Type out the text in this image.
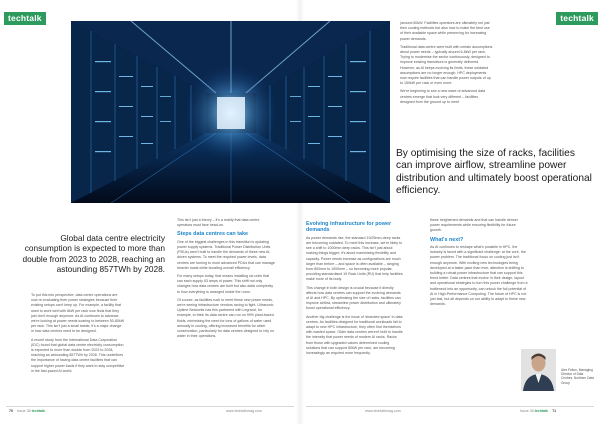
techtalk	techtalk

(around 60kW. Facilities operators are ultimately not just then cooling methods but also how to make the best use of their available space while preserving for increasing power demands.

Traditional data centre were built with certain assumptions about power needs – typically around 6-8kW per rack. Trying to modernise the sector continuously, designed to improve existing transistors is generally delivered. However, as AI keeps evolving its limits, these outdated assumptions are no longer enough. HPC deployments now require facilities that can handle power outputs of up to 150kW per rack or even more.

We're beginning to see a new wave of advanced data centres emerge that look very different – facilities designed from the ground up to meet

By optimising the size of racks, facilities can improve airflow, streamline power distribution and ultimately boost operational efficiency.
Global data centre electricity consumption is expected to more than double from 2023 to 2028, reaching an astounding 857TWh by 2028.

To put this into perspective, data centre operations are now re-evaluating their power strategies because their existing setups can't keep up. For example, a facility that used to work well with 8kW per rack now finds that they just don't enough anymore. As AI continues to advance, we're looking at power needs soaring to between 50-80kW per rack. This isn't just a small tweak; it's a major change in how data centres need to be designed.

A recent study from the International Data Corporation (IDC) found that global data centre electricity consumption is expected to more than double from 2023 to 2028, reaching an astounding 857TWh by 2028. This underlines the importance of having data centre facilities that can support higher power loads if they want to stay competitive in the fast-paced AI world.

This isn't just a theory – it's a reality that data centre operators must face head-on.

Steps data centres can take

One of the biggest challenges in this transition is updating power supply systems. Traditional Power Distribution Units (PDUs) aren't built to handle the demands of these new AI-driven systems. To meet the required power levels, data centres are turning to more advanced PDUs that can manage heavier loads while boosting overall efficiency.

For many setups today, that means installing six units that can each supply 63 amps of power. This shift not only changes how data centres are built but also adds complexity to how everything is arranged inside the room.

Of course, as facilities rush to meet these new power needs, we're seeing infrastructure vendors racing to fight. Ultrasonic Uptime Networks has this partnered with Legrand, for example, to think its data centre can run on 99% plant-based fluids, minimising the need for tons of gallons of water used annually in cooling, offering increased benefits for wider conservation, particularly for data centres designed to rely on water in their operations.

Evolving infrastructure for power demands

As power demands rise, the standard 19/25mm-deep racks are becoming outdated. To meet this increase, we're likely to see a shift to 1000mm deep racks. This isn't just about making things bigger; it's about maximising flexibility and capacity. Power needs increase as configurations are much larger than before – and space is often available – ranging from 800mm to 1000mm – so becoming more popular, providing standardised 19 Rack Units (RU) that help facilities make more of its body.

This change in both design is crucial because it directly affects how data centres can support the evolving demands of AI and HPC. By optimising the size of racks, facilities can improve airflow, streamline power distribution and ultimately boost operational efficiency.

Another big challenge is the issue of 'stranded space' in data centres. As facilities designed for traditional workloads fail to adapt to new HPC infrastructure, they often find themselves with wasted space. Older data centres weren't built to handle the intensity that power needs of modern AI racks. Racks from those with upgraded values determined cooling solutions that can support 80kW per rack, are becoming increasingly as required more frequently.

these heightened demands and that can handle denser power requirements while ensuring flexibility for future growth.

What's next?

As AI continues to reshape what's possible in HPC, the industry is faced with a significant challenge: at the core, the power problem. The traditional focus on cooling just isn't enough anymore. With exciting new technologies being developed at a faster pace than ever, attention is shifting to building a robust power infrastructure that can support this trend better. Data centres that evolve in their design, layout and operational strategies to turn this power challenge from a bottleneck into an opportunity, can unlock the full potential of AI in High-Performance Computing. The future of HPC is not just fast, but all depends on our ability to adapt to these new demands.

Alex Felton, Managing Director of Data Centres, Northern Data Group
70 Issue 38 techtalk	www.techtalkmag.com	www.techtalkmag.com	Issue 38 techtalk 71
